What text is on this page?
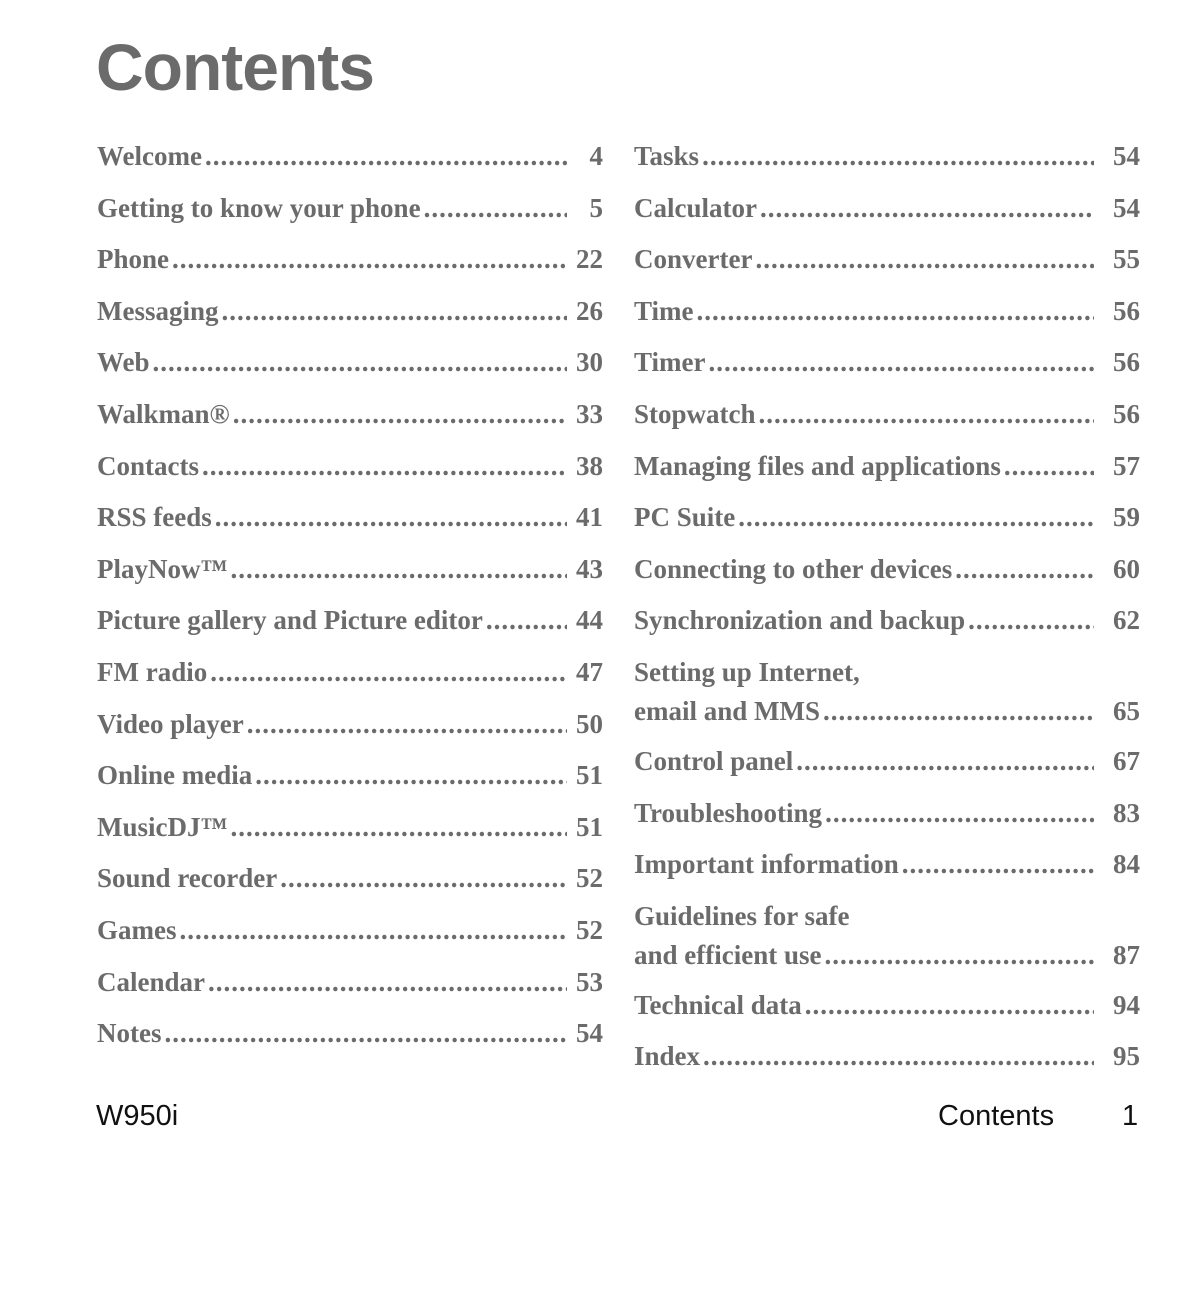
Contents
Welcome .....	4
Getting to know your phone .....	5
Phone .....	22
Messaging .....	26
Web .....	30
Walkman® .....	33
Contacts .....	38
RSS feeds .....	41
PlayNow™ .....	43
Picture gallery and Picture editor .....	44
FM radio .....	47
Video player .....	50
Online media .....	51
MusicDJ™ .....	51
Sound recorder .....	52
Games .....	52
Calendar .....	53
Notes .....	54
Tasks .....	54
Calculator .....	54
Converter .....	55
Time .....	56
Timer .....	56
Stopwatch .....	56
Managing files and applications .....	57
PC Suite .....	59
Connecting to other devices .....	60
Synchronization and backup .....	62
Setting up Internet,
email and MMS .....	65
Control panel .....	67
Troubleshooting .....	83
Important information .....	84
Guidelines for safe
and efficient use .....	87
Technical data .....	94
Index .....	95
W950i	Contents 1
